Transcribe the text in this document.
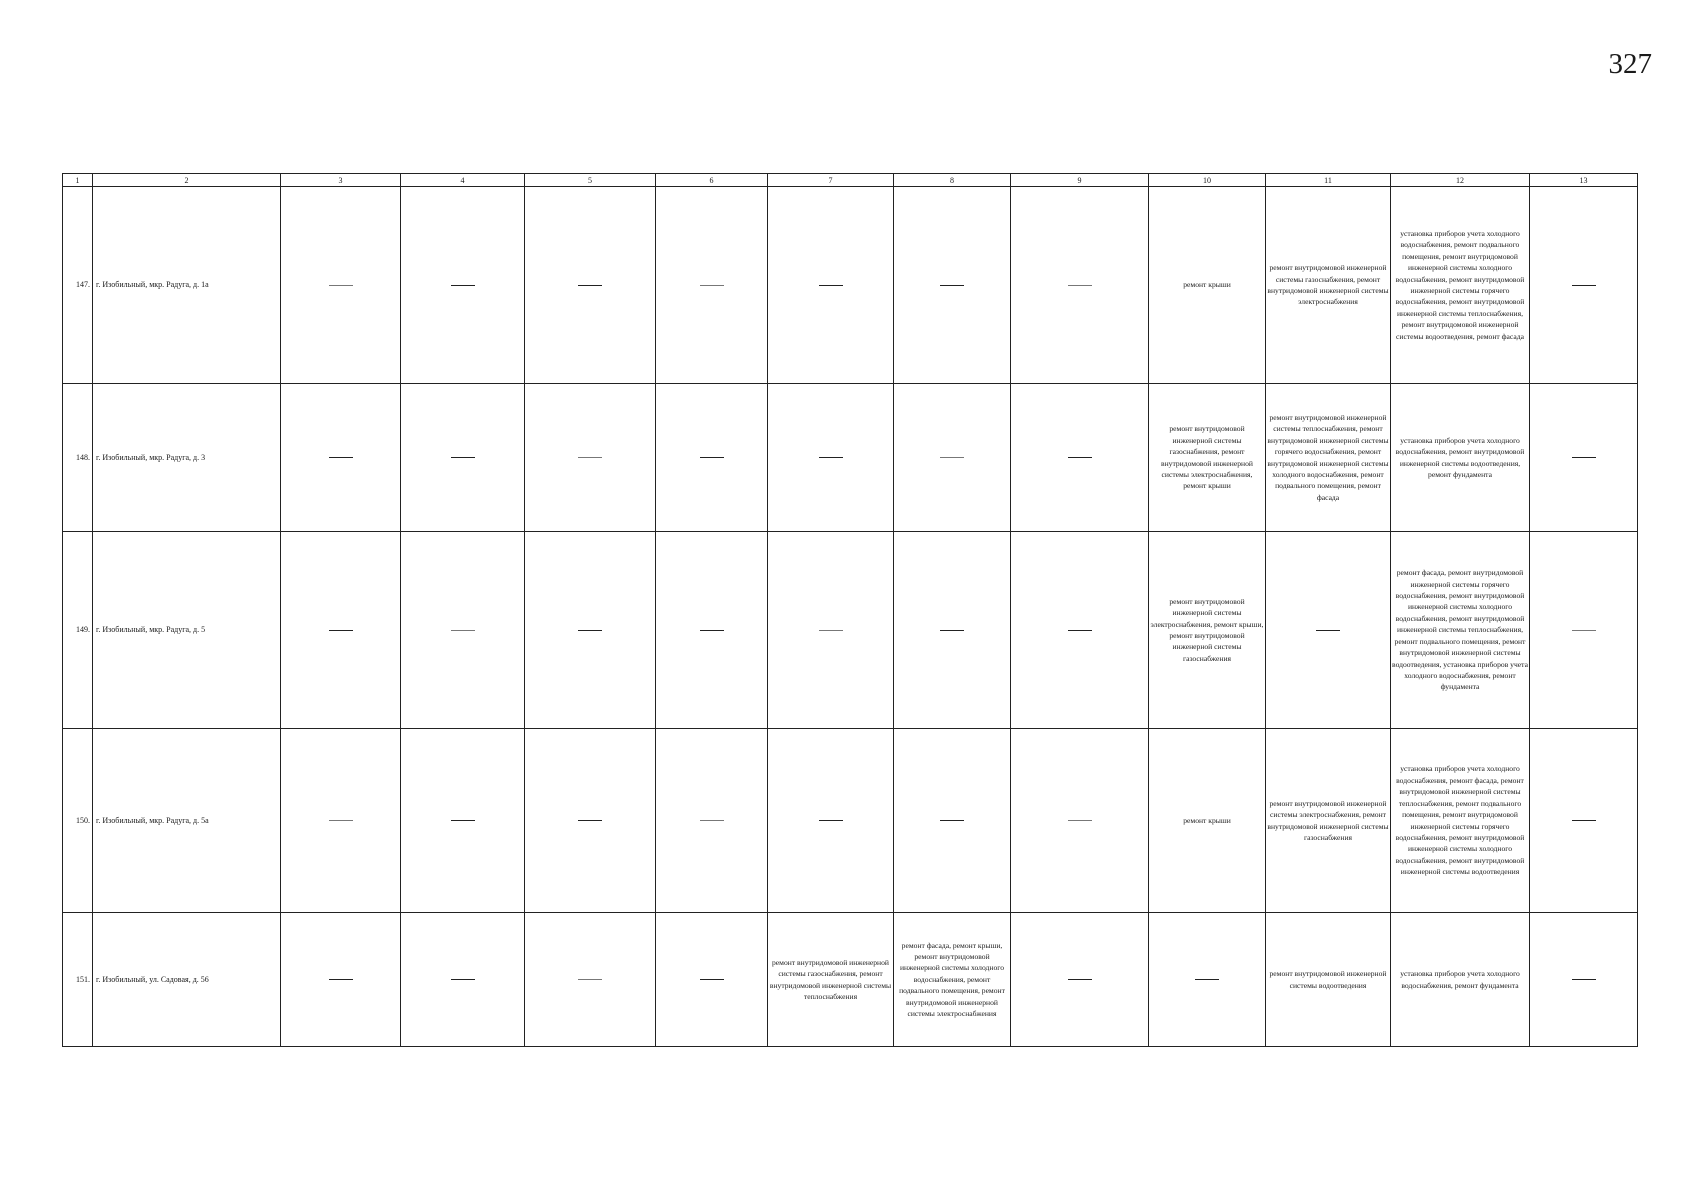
327
1	2	3	4	5	6	7	8	9	10	11	12	13
147.	г. Изобильный, мкр. Радуга, д. 1а								ремонт крыши	ремонт внутридомовой инженерной системы газоснабжения, ремонт внутридомовой инженерной системы электроснабжения	установка приборов учета холодного водоснабжения, ремонт подвального помещения, ремонт внутридомовой инженерной системы холодного водоснабжения, ремонт внутридомовой инженерной системы горячего водоснабжения, ремонт внутридомовой инженерной системы теплоснабжения, ремонт внутридомовой инженерной системы водоотведения, ремонт фасада	

148.	г. Изобильный, мкр. Радуга, д. 3								ремонт внутридомовой инженерной системы газоснабжения, ремонт внутридомовой инженерной системы электроснабжения, ремонт крыши	ремонт внутридомовой инженерной системы теплоснабжения, ремонт внутридомовой инженерной системы горячего водоснабжения, ремонт внутридомовой инженерной системы холодного водоснабжения, ремонт подвального помещения, ремонт фасада	установка приборов учета холодного водоснабжения, ремонт внутридомовой инженерной системы водоотведения, ремонт фундамента	

149.	г. Изобильный, мкр. Радуга, д. 5								ремонт внутридомовой инженерной системы электроснабжения, ремонт крыши, ремонт внутридомовой инженерной системы газоснабжения		ремонт фасада, ремонт внутридомовой инженерной системы горячего водоснабжения, ремонт внутридомовой инженерной системы холодного водоснабжения, ремонт внутридомовой инженерной системы теплоснабжения, ремонт подвального помещения, ремонт внутридомовой инженерной системы водоотведения, установка приборов учета холодного водоснабжения, ремонт фундамента	

150.	г. Изобильный, мкр. Радуга, д. 5а								ремонт крыши	ремонт внутридомовой инженерной системы электроснабжения, ремонт внутридомовой инженерной системы газоснабжения	установка приборов учета холодного водоснабжения, ремонт фасада, ремонт внутридомовой инженерной системы теплоснабжения, ремонт подвального помещения, ремонт внутридомовой инженерной системы горячего водоснабжения, ремонт внутридомовой инженерной системы холодного водоснабжения, ремонт внутридомовой инженерной системы водоотведения	

151.	г. Изобильный, ул. Садовая, д. 56					ремонт внутридомовой инженерной системы газоснабжения, ремонт внутридомовой инженерной системы теплоснабжения	ремонт фасада, ремонт крыши, ремонт внутридомовой инженерной системы холодного водоснабжения, ремонт подвального помещения, ремонт внутридомовой инженерной системы электроснабжения			ремонт внутридомовой инженерной системы водоотведения	установка приборов учета холодного водоснабжения, ремонт фундамента	
